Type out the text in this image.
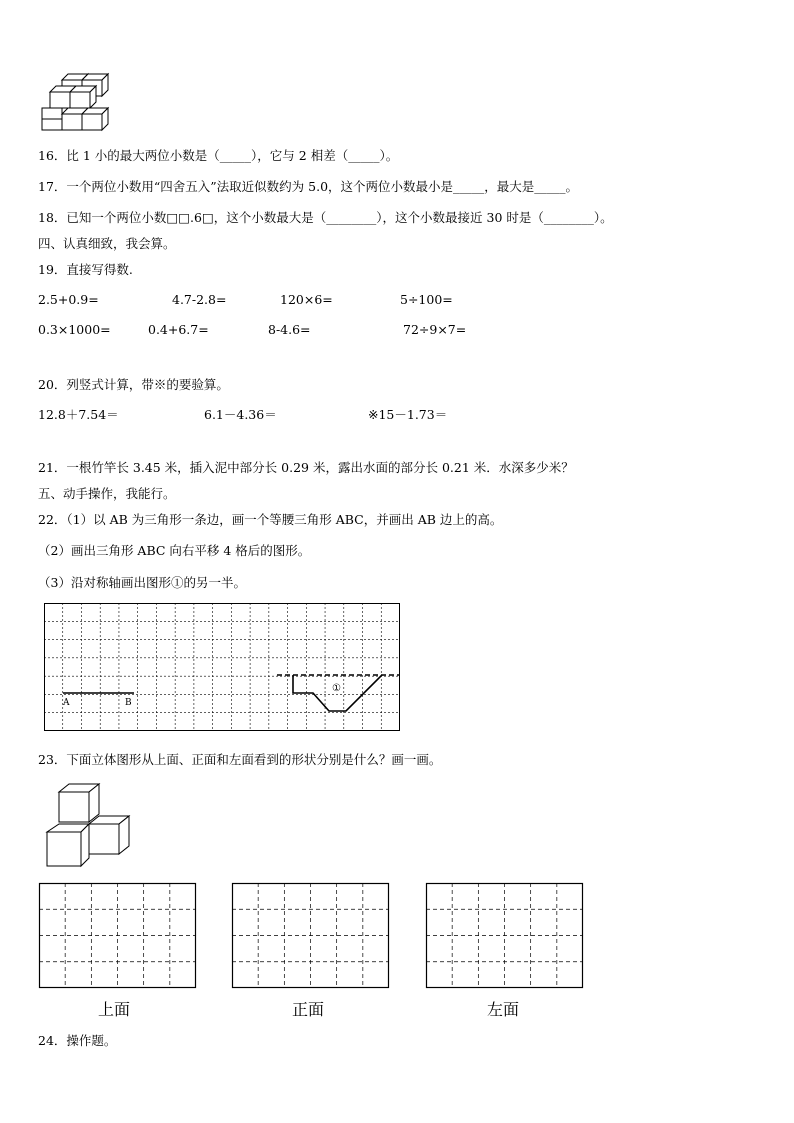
16．比 1 小的最大两位小数是（_____），它与 2 相差（_____）。
17．一个两位小数用“四舍五入”法取近似数约为 5.0，这个两位小数最小是_____，最大是_____。
18．已知一个两位小数□□.6□，这个小数最大是（________），这个小数最接近 30 时是（________）。
四、认真细致，我会算。
19．直接写得数.
2.5+0.9=	4.7-2.8=	120×6=	5÷100=
0.3×1000=	0.4+6.7=	8-4.6=	72÷9×7=
20．列竖式计算，带※的要验算。
12.8＋7.54＝	6.1－4.36＝	※15－1.73＝
21．一根竹竿长 3.45 米，插入泥中部分长 0.29 米，露出水面的部分长 0.21 米．水深多少米？
五、动手操作，我能行。
22．（1）以 AB 为三角形一条边，画一个等腰三角形 ABC，并画出 AB 边上的高。
（2）画出三角形 ABC 向右平移 4 格后的图形。
（3）沿对称轴画出图形①的另一半。
A	B
①
23．下面立体图形从上面、正面和左面看到的形状分别是什么？画一画。
上面	正面	左面
24．操作题。
